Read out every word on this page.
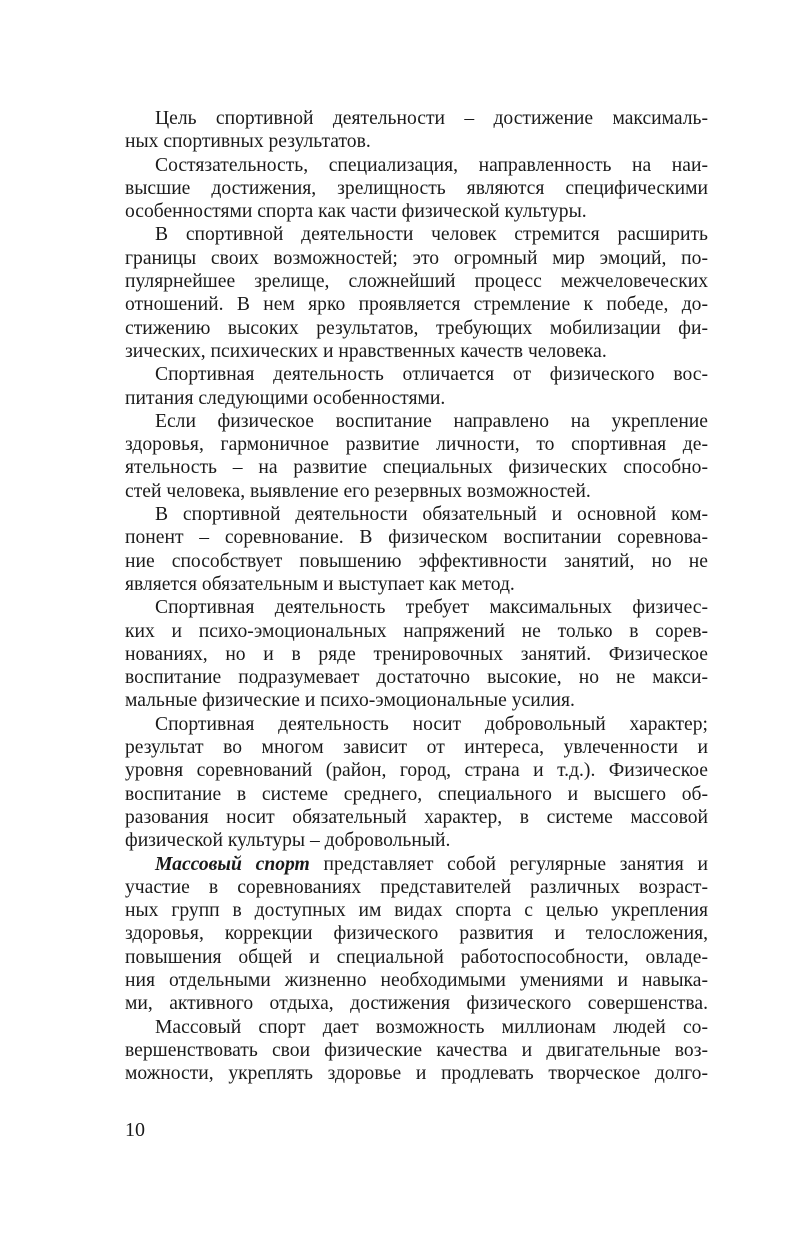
Цель спортивной деятельности – достижение максималь-
ных спортивных результатов.
Состязательность, специализация, направленность на наи-
высшие достижения, зрелищность являются специфическими
особенностями спорта как части физической культуры.
В спортивной деятельности человек стремится расширить
границы своих возможностей; это огромный мир эмоций, по-
пулярнейшее зрелище, сложнейший процесс межчеловеческих
отношений. В нем ярко проявляется стремление к победе, до-
стижению высоких результатов, требующих мобилизации фи-
зических, психических и нравственных качеств человека.
Спортивная деятельность отличается от физического вос-
питания следующими особенностями.
Если физическое воспитание направлено на укрепление
здоровья, гармоничное развитие личности, то спортивная де-
ятельность – на развитие специальных физических способно-
стей человека, выявление его резервных возможностей.
В спортивной деятельности обязательный и основной ком-
понент – соревнование. В физическом воспитании соревнова-
ние способствует повышению эффективности занятий, но не
является обязательным и выступает как метод.
Спортивная деятельность требует максимальных физичес-
ких и психо-эмоциональных напряжений не только в сорев-
нованиях, но и в ряде тренировочных занятий. Физическое
воспитание подразумевает достаточно высокие, но не макси-
мальные физические и психо-эмоциональные усилия.
Спортивная деятельность носит добровольный характер;
результат во многом зависит от интереса, увлеченности и
уровня соревнований (район, город, страна и т.д.). Физическое
воспитание в системе среднего, специального и высшего об-
разования носит обязательный характер, в системе массовой
физической культуры – добровольный.
Массовый спорт представляет собой регулярные занятия и
участие в соревнованиях представителей различных возраст-
ных групп в доступных им видах спорта с целью укрепления
здоровья, коррекции физического развития и телосложения,
повышения общей и специальной работоспособности, овладе-
ния отдельными жизненно необходимыми умениями и навыка-
ми, активного отдыха, достижения физического совершенства.
Массовый спорт дает возможность миллионам людей со-
вершенствовать свои физические качества и двигательные воз-
можности, укреплять здоровье и продлевать творческое долго-
10
